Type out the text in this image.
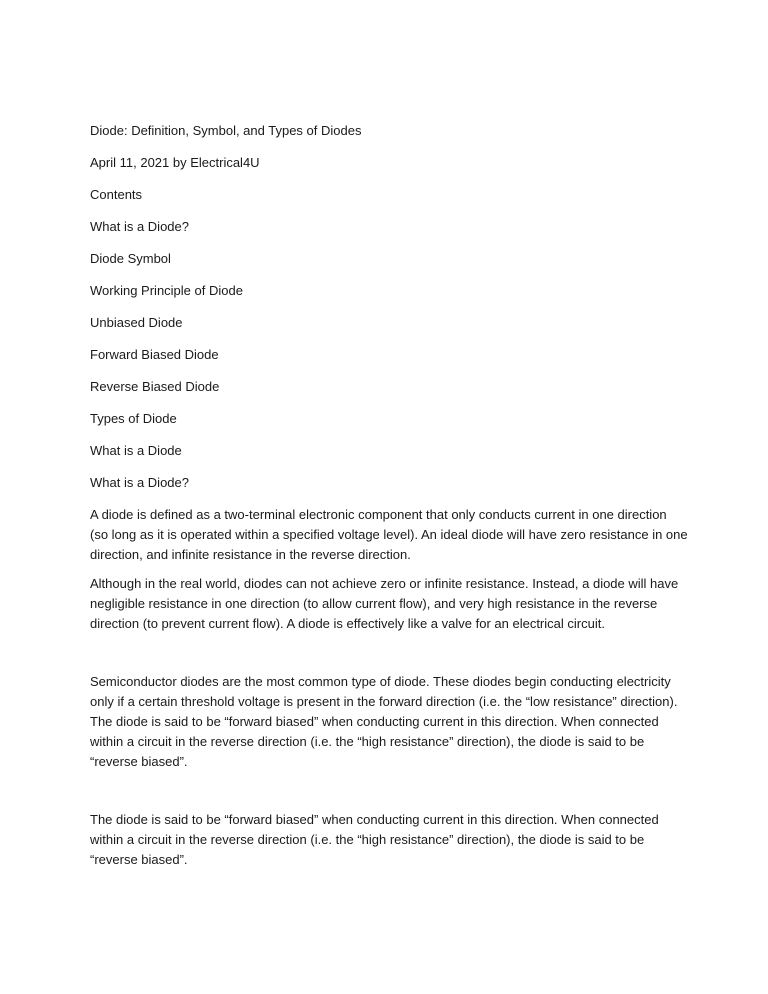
Diode: Definition, Symbol, and Types of Diodes
April 11, 2021 by Electrical4U
Contents
What is a Diode?
Diode Symbol
Working Principle of Diode
Unbiased Diode
Forward Biased Diode
Reverse Biased Diode
Types of Diode
What is a Diode
What is a Diode?
A diode is defined as a two-terminal electronic component that only conducts current in one direction
(so long as it is operated within a specified voltage level). An ideal diode will have zero resistance in one
direction, and infinite resistance in the reverse direction.
Although in the real world, diodes can not achieve zero or infinite resistance. Instead, a diode will have
negligible resistance in one direction (to allow current flow), and very high resistance in the reverse
direction (to prevent current flow). A diode is effectively like a valve for an electrical circuit.
Semiconductor diodes are the most common type of diode. These diodes begin conducting electricity
only if a certain threshold voltage is present in the forward direction (i.e. the “low resistance” direction).
The diode is said to be “forward biased” when conducting current in this direction. When connected
within a circuit in the reverse direction (i.e. the “high resistance” direction), the diode is said to be
“reverse biased”.
The diode is said to be “forward biased” when conducting current in this direction. When connected
within a circuit in the reverse direction (i.e. the “high resistance” direction), the diode is said to be
“reverse biased”.
